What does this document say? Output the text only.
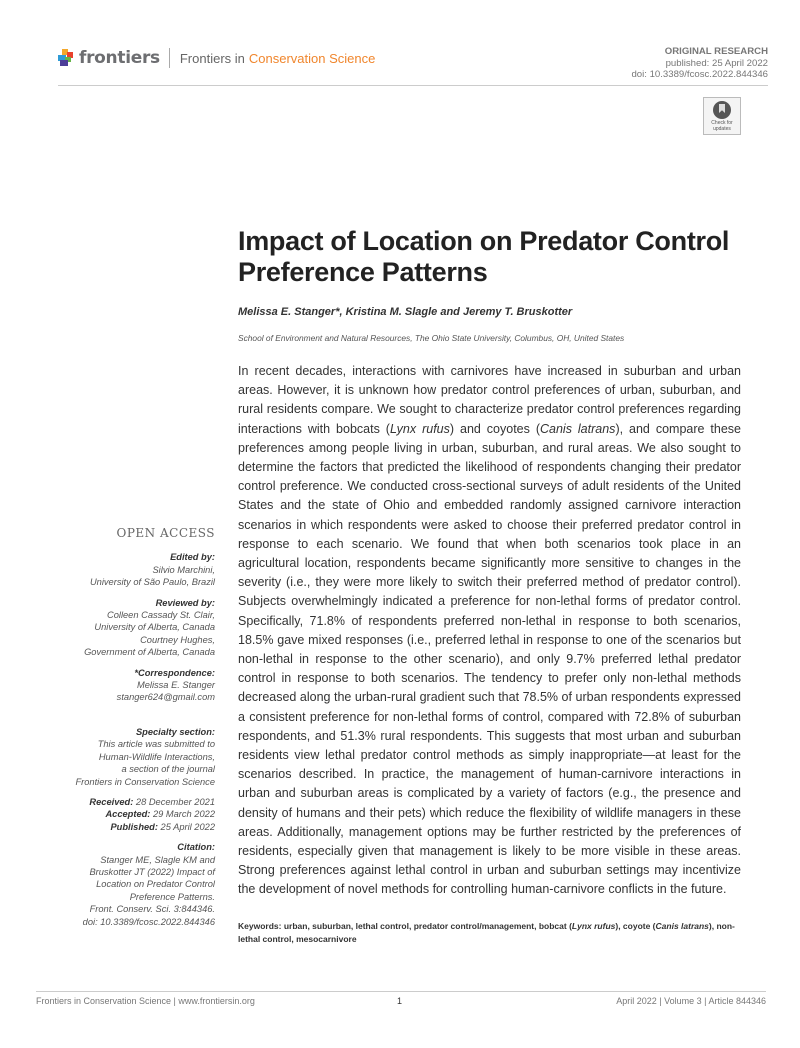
frontiers Frontiers in Conservation Science	ORIGINAL RESEARCH
published: 25 April 2022
doi: 10.3389/fcosc.2022.844346
Check for updates
Impact of Location on Predator Control Preference Patterns
Melissa E. Stanger*, Kristina M. Slagle and Jeremy T. Bruskotter
School of Environment and Natural Resources, The Ohio State University, Columbus, OH, United States
In recent decades, interactions with carnivores have increased in suburban and urban areas. However, it is unknown how predator control preferences of urban, suburban, and rural residents compare. We sought to characterize predator control preferences regarding interactions with bobcats (Lynx rufus) and coyotes (Canis latrans), and compare these preferences among people living in urban, suburban, and rural areas. We also sought to determine the factors that predicted the likelihood of respondents changing their predator control preference. We conducted cross-sectional surveys of adult residents of the United States and the state of Ohio and embedded randomly assigned carnivore interaction scenarios in which respondents were asked to choose their preferred predator control in response to each scenario. We found that when both scenarios took place in an agricultural location, respondents became significantly more sensitive to changes in the severity (i.e., they were more likely to switch their preferred method of predator control). Subjects overwhelmingly indicated a preference for non-lethal forms of predator control. Specifically, 71.8% of respondents preferred non-lethal in response to both scenarios, 18.5% gave mixed responses (i.e., preferred lethal in response to one of the scenarios but non-lethal in response to the other scenario), and only 9.7% preferred lethal predator control in response to both scenarios. The tendency to prefer only non-lethal methods decreased along the urban-rural gradient such that 78.5% of urban respondents expressed a consistent preference for non-lethal forms of control, compared with 72.8% of suburban respondents, and 51.3% rural respondents. This suggests that most urban and suburban residents view lethal predator control methods as simply inappropriate—at least for the scenarios described. In practice, the management of human-carnivore interactions in urban and suburban areas is complicated by a variety of factors (e.g., the presence and density of humans and their pets) which reduce the flexibility of wildlife managers in these areas. Additionally, management options may be further restricted by the preferences of residents, especially given that management is likely to be more visible in these areas. Strong preferences against lethal control in urban and suburban settings may incentivize the development of novel methods for controlling human-carnivore conflicts in the future.
Keywords: urban, suburban, lethal control, predator control/management, bobcat (Lynx rufus), coyote (Canis latrans), non-lethal control, mesocarnivore
OPEN ACCESS
Edited by:
Silvio Marchini,
University of São Paulo, Brazil
Reviewed by:
Colleen Cassady St. Clair,
University of Alberta, Canada
Courtney Hughes,
Government of Alberta, Canada
*Correspondence:
Melissa E. Stanger
stanger624@gmail.com
Specialty section:
This article was submitted to
Human-Wildlife Interactions,
a section of the journal
Frontiers in Conservation Science
Received: 28 December 2021
Accepted: 29 March 2022
Published: 25 April 2022
Citation:
Stanger ME, Slagle KM and
Bruskotter JT (2022) Impact of
Location on Predator Control
Preference Patterns.
Front. Conserv. Sci. 3:844346.
doi: 10.3389/fcosc.2022.844346
Frontiers in Conservation Science | www.frontiersin.org	1	April 2022 | Volume 3 | Article 844346
